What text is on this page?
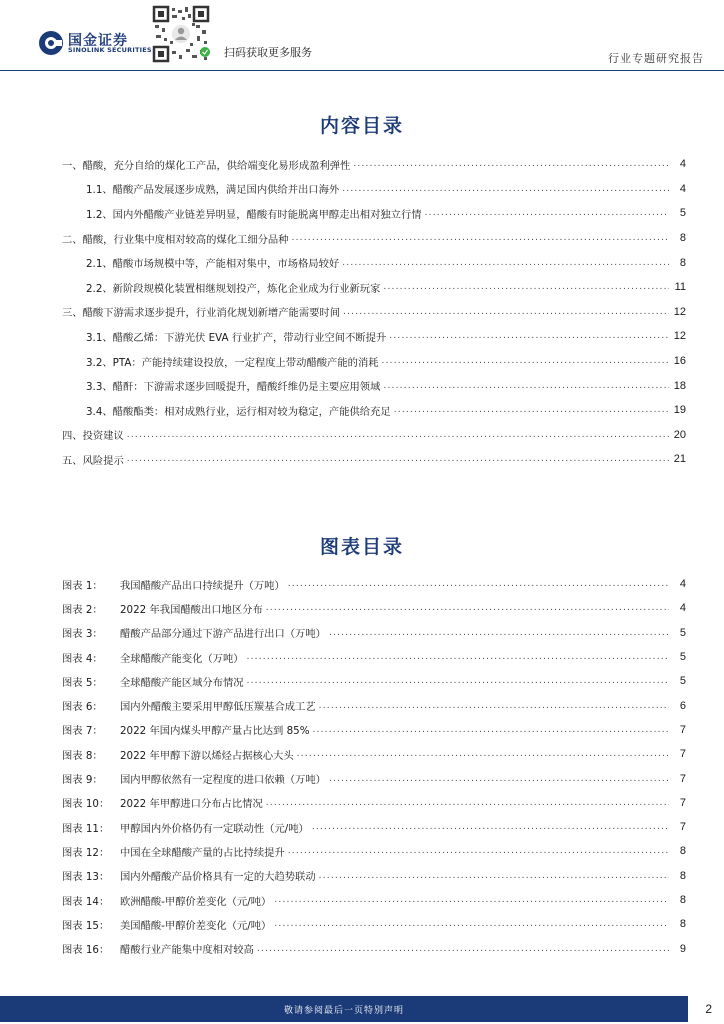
国金证券
SINOLINK SECURITIES	扫码获取更多服务	行业专题研究报告
内容目录
一、醋酸，充分自给的煤化工产品，供给端变化易形成盈利弹性 .....	4
1.1、醋酸产品发展逐步成熟，满足国内供给并出口海外 .....	4
1.2、国内外醋酸产业链差异明显，醋酸有时能脱离甲醇走出相对独立行情 .....	5
二、醋酸，行业集中度相对较高的煤化工细分品种 .....	8
2.1、醋酸市场规模中等，产能相对集中，市场格局较好 .....	8
2.2、新阶段规模化装置相继规划投产，炼化企业成为行业新玩家 .....	11
三、醋酸下游需求逐步提升，行业消化规划新增产能需要时间 .....	12
3.1、醋酸乙烯：下游光伏 EVA 行业扩产，带动行业空间不断提升 .....	12
3.2、PTA：产能持续建设投放，一定程度上带动醋酸产能的消耗 .....	16
3.3、醋酐：下游需求逐步回暖提升，醋酸纤维仍是主要应用领域 .....	18
3.4、醋酸酯类：相对成熟行业，运行相对较为稳定，产能供给充足 .....	19
四、投资建议 .....	20
五、风险提示 .....	21
图表目录
图表 1：	我国醋酸产品出口持续提升（万吨） .....	4
图表 2：	2022 年我国醋酸出口地区分布 .....	4
图表 3：	醋酸产品部分通过下游产品进行出口（万吨） .....	5
图表 4：	全球醋酸产能变化（万吨） .....	5
图表 5：	全球醋酸产能区域分布情况 .....	5
图表 6：	国内外醋酸主要采用甲醇低压羰基合成工艺 .....	6
图表 7：	2022 年国内煤头甲醇产量占比达到 85% .....	7
图表 8：	2022 年甲醇下游以烯烃占据核心大头 .....	7
图表 9：	国内甲醇依然有一定程度的进口依赖（万吨） .....	7
图表 10：	2022 年甲醇进口分布占比情况 .....	7
图表 11：	甲醇国内外价格仍有一定联动性（元/吨） .....	7
图表 12：	中国在全球醋酸产量的占比持续提升 .....	8
图表 13：	国内外醋酸产品价格具有一定的大趋势联动 .....	8
图表 14：	欧洲醋酸-甲醇价差变化（元/吨） .....	8
图表 15：	美国醋酸-甲醇价差变化（元/吨） .....	8
图表 16：	醋酸行业产能集中度相对较高 .....	9
敬请参阅最后一页特别声明	2
